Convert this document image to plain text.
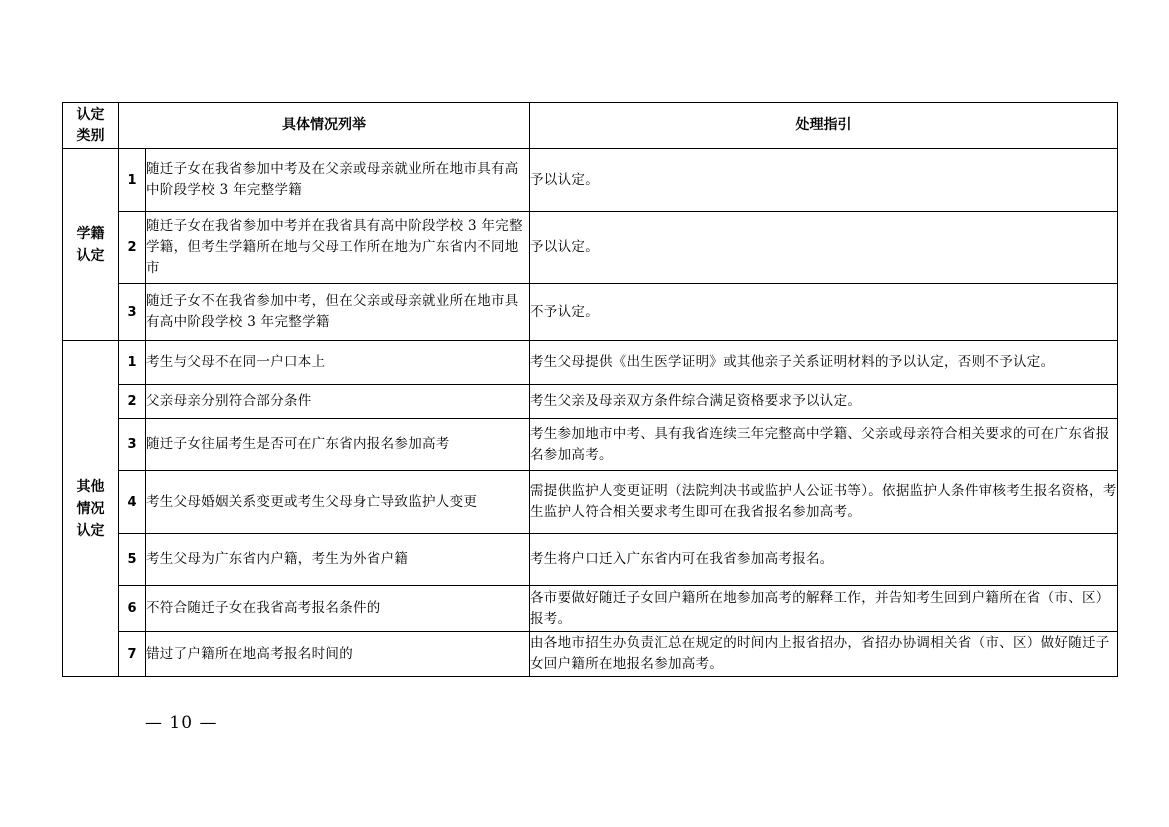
认定类别	具体情况列举		处理指引
学籍认定	1	随迁子女在我省参加中考及在父亲或母亲就业所在地市具有高中阶段学校 3 年完整学籍	予以认定。
	2	随迁子女在我省参加中考并在我省具有高中阶段学校 3 年完整学籍，但考生学籍所在地与父母工作所在地为广东省内不同地市	予以认定。
	3	随迁子女不在我省参加中考，但在父亲或母亲就业所在地市具有高中阶段学校 3 年完整学籍	不予认定。
其他情况认定	1	考生与父母不在同一户口本上	考生父母提供《出生医学证明》或其他亲子关系证明材料的予以认定，否则不予认定。
	2	父亲母亲分别符合部分条件	考生父亲及母亲双方条件综合满足资格要求予以认定。
	3	随迁子女往届考生是否可在广东省内报名参加高考	考生参加地市中考、具有我省连续三年完整高中学籍、父亲或母亲符合相关要求的可在广东省报名参加高考。
	4	考生父母婚姻关系变更或考生父母身亡导致监护人变更	需提供监护人变更证明（法院判决书或监护人公证书等）。依据监护人条件审核考生报名资格，考生监护人符合相关要求考生即可在我省报名参加高考。
	5	考生父母为广东省内户籍，考生为外省户籍	考生将户口迁入广东省内可在我省参加高考报名。
	6	不符合随迁子女在我省高考报名条件的	各市要做好随迁子女回户籍所在地参加高考的解释工作，并告知考生回到户籍所在省（市、区）报考。
	7	错过了户籍所在地高考报名时间的	由各地市招生办负责汇总在规定的时间内上报省招办，省招办协调相关省（市、区）做好随迁子女回户籍所在地报名参加高考。
— 10 —
